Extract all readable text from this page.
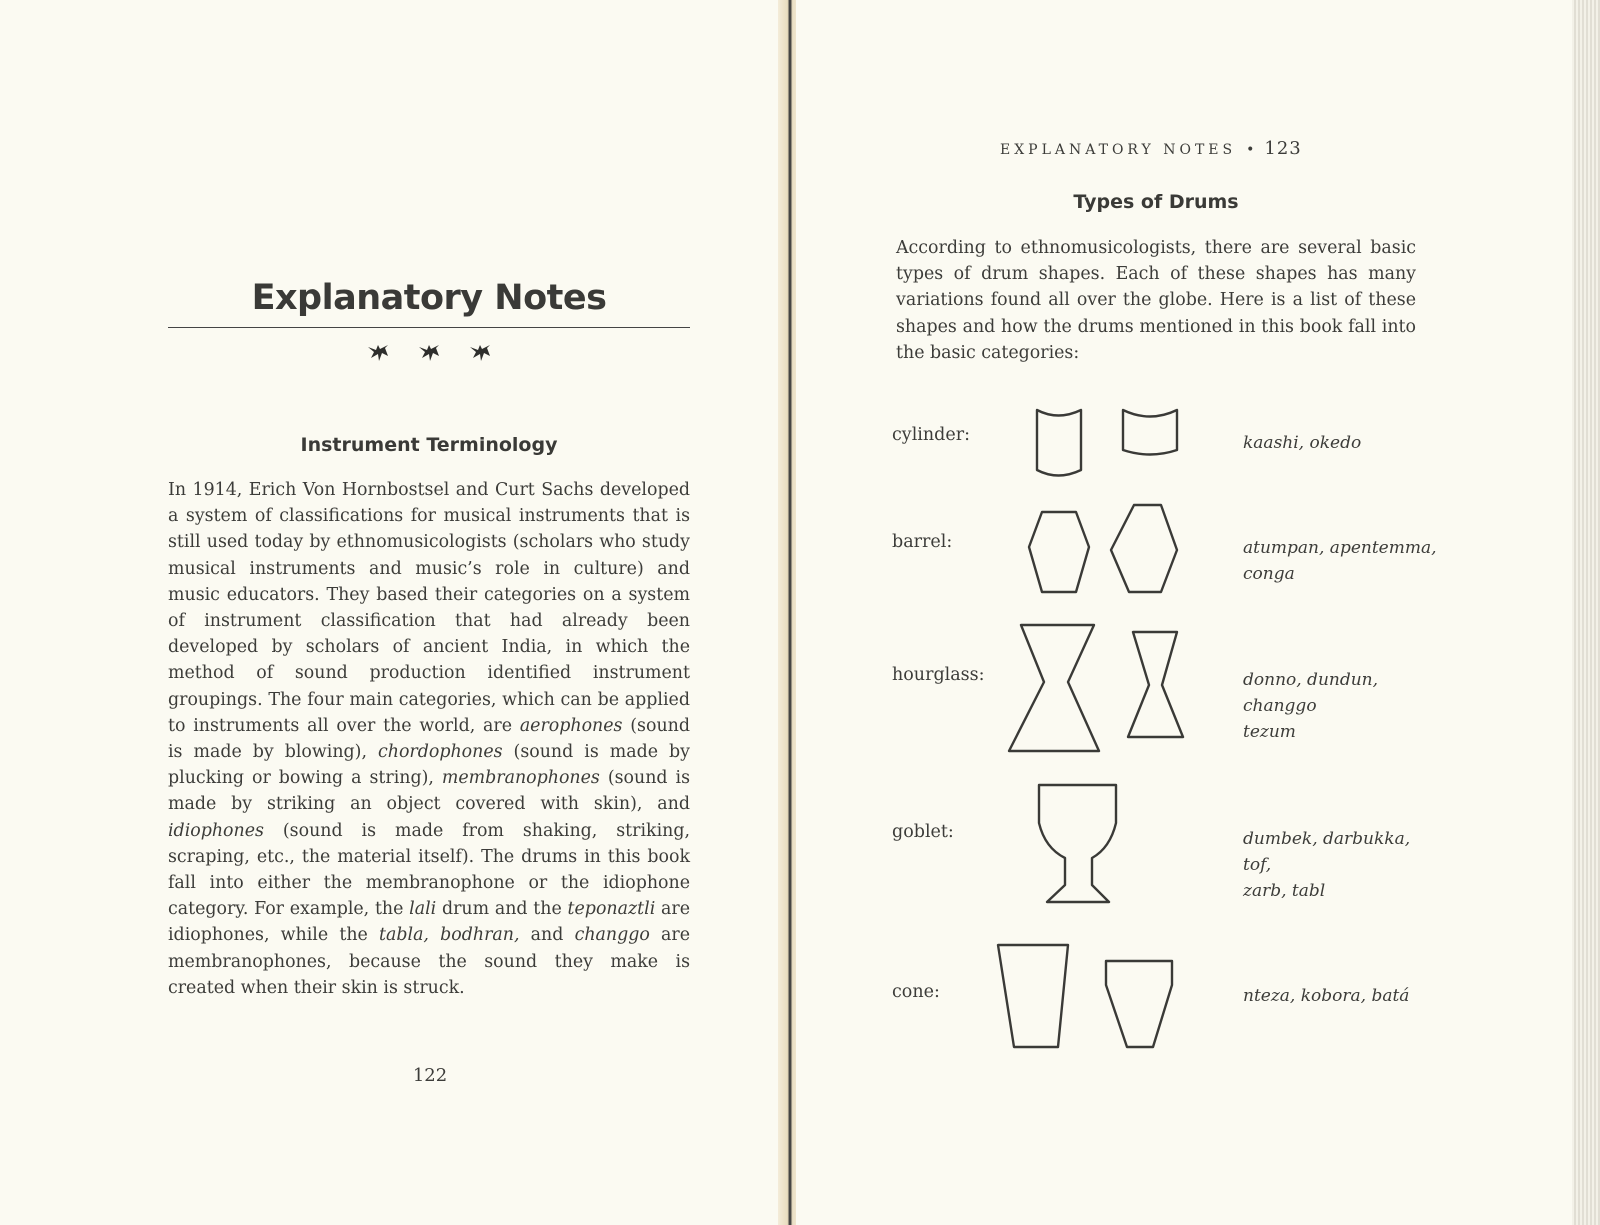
Explanatory Notes

Instrument Terminology

In 1914, Erich Von Hornbostsel and Curt Sachs developed a system of classifications for musical instruments that is still used today by ethnomusicologists (scholars who study musical instruments and music’s role in culture) and music educators. They based their categories on a system of instrument classification that had already been developed by scholars of ancient India, in which the method of sound production identified instrument groupings. The four main categories, which can be applied to instruments all over the world, are aerophones (sound is made by blowing), chordophones (sound is made by plucking or bowing a string), membranophones (sound is made by striking an object covered with skin), and idiophones (sound is made from shaking, striking, scraping, etc., the material itself). The drums in this book fall into either the membranophone or the idiophone category. For example, the lali drum and the teponaztli are idiophones, while the tabla, bodhran, and changgo are membranophones, because the sound they make is created when their skin is struck.

122

EXPLANATORY NOTES • 123
Types of Drums

According to ethnomusicologists, there are several basic types of drum shapes. Each of these shapes has many variations found all over the globe. Here is a list of these shapes and how the drums mentioned in this book fall into the basic categories:

cylinder:	kaashi, okedo

barrel:	atumpan, apentemma,
conga

hourglass:	donno, dundun,
changgo
tezum

goblet:	dumbek, darbukka,
tof,
zarb, tabl

cone:	nteza, kobora, batá
